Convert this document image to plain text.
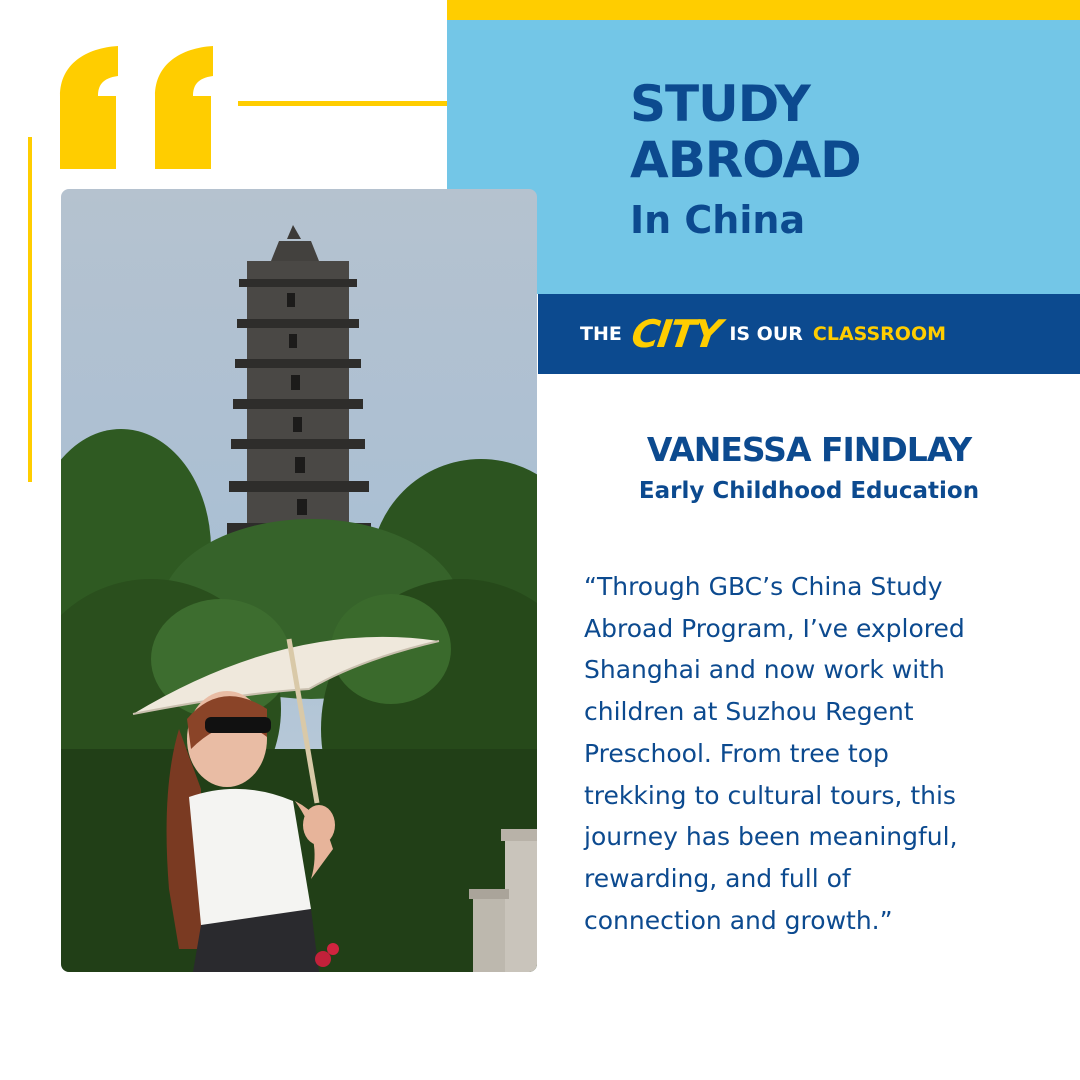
STUDY
ABROAD
In China

THE CITY IS OUR CLASSROOM

VANESSA FINDLAY

Early Childhood Education

“Through GBC’s China Study Abroad Program, I’ve explored Shanghai and now work with children at Suzhou Regent Preschool. From tree top trekking to cultural tours, this journey has been meaningful, rewarding, and full of connection and growth.”
